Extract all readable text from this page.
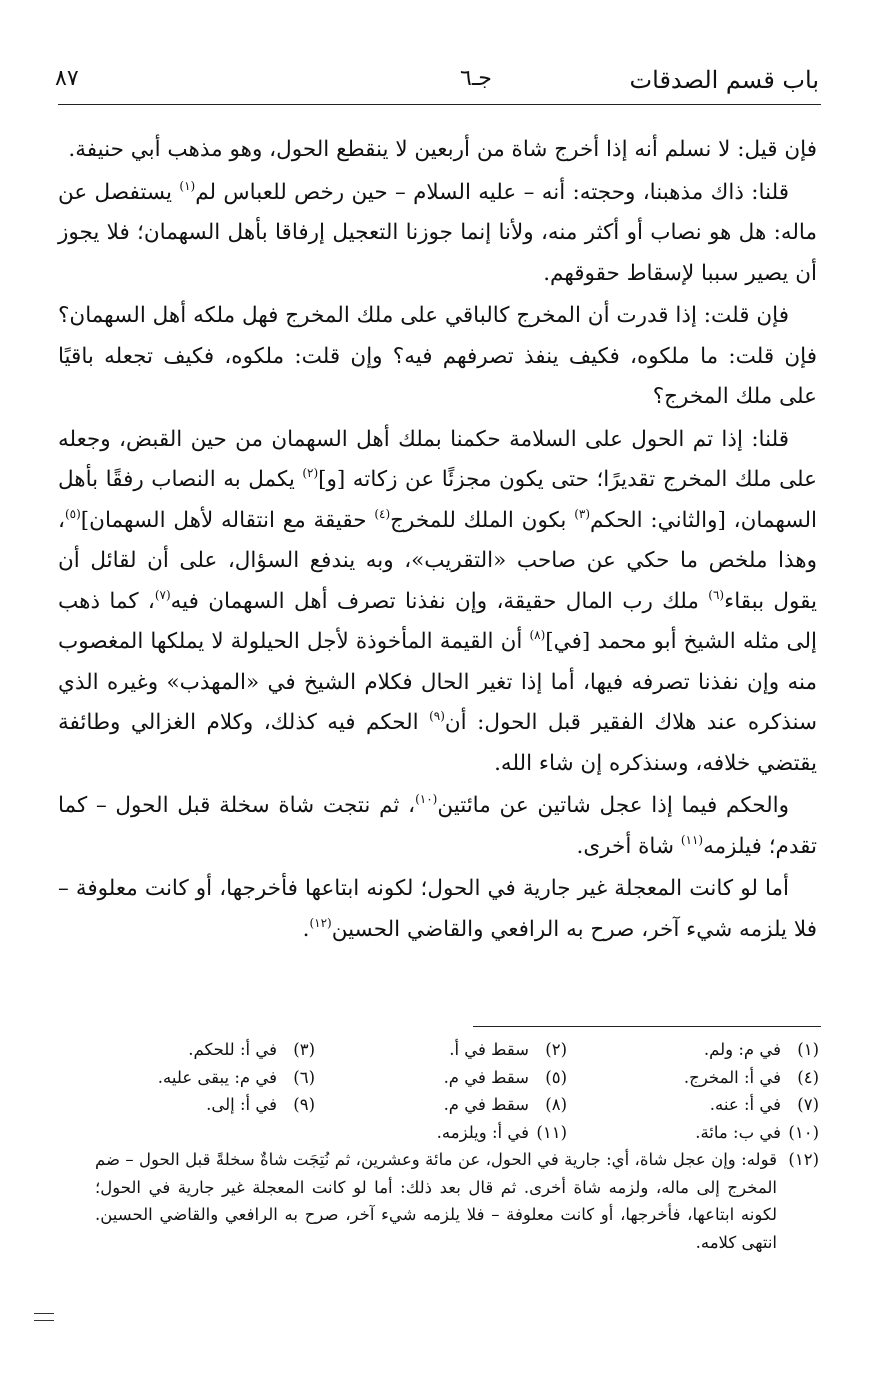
باب قسم الصدقات
جـ٦
٨٧

فإن قيل: لا نسلم أنه إذا أخرج شاة من أربعين لا ينقطع الحول، وهو مذهب أبي حنيفة.

قلنا: ذاك مذهبنا، وحجته: أنه – عليه السلام – حين رخص للعباس لم$^{(١)}$ يستفصل عن ماله: هل هو نصاب أو أكثر منه، ولأنا إنما جوزنا التعجيل إرفاقا بأهل السهمان؛ فلا يجوز أن يصير سببا لإسقاط حقوقهم.

فإن قلت: إذا قدرت أن المخرج كالباقي على ملك المخرج فهل ملكه أهل السهمان؟ فإن قلت: ما ملكوه، فكيف ينفذ تصرفهم فيه؟ وإن قلت: ملكوه، فكيف تجعله باقيًا على ملك المخرج؟

قلنا: إذا تم الحول على السلامة حكمنا بملك أهل السهمان من حين القبض، وجعله على ملك المخرج تقديرًا؛ حتى يكون مجزئًا عن زكاته [و]$^{(٢)}$ يكمل به النصاب رفقًا بأهل السهمان، [والثاني: الحكم$^{(٣)}$ بكون الملك للمخرج$^{(٤)}$ حقيقة مع انتقاله لأهل السهمان]$^{(٥)}$، وهذا ملخص ما حكي عن صاحب «التقريب»، وبه يندفع السؤال، على أن لقائل أن يقول ببقاء$^{(٦)}$ ملك رب المال حقيقة، وإن نفذنا تصرف أهل السهمان فيه$^{(٧)}$، كما ذهب إلى مثله الشيخ أبو محمد [في]$^{(٨)}$ أن القيمة المأخوذة لأجل الحيلولة لا يملكها المغصوب منه وإن نفذنا تصرفه فيها، أما إذا تغير الحال فكلام الشيخ في «المهذب» وغيره الذي سنذكره عند هلاك الفقير قبل الحول: أن$^{(٩)}$ الحكم فيه كذلك، وكلام الغزالي وطائفة يقتضي خلافه، وسنذكره إن شاء الله.

والحكم فيما إذا عجل شاتين عن مائتين$^{(١٠)}$، ثم نتجت شاة سخلة قبل الحول – كما تقدم؛ فيلزمه$^{(١١)}$ شاة أخرى.

أما لو كانت المعجلة غير جارية في الحول؛ لكونه ابتاعها فأخرجها، أو كانت معلوفة – فلا يلزمه شيء آخر، صرح به الرافعي والقاضي الحسين$^{(١٢)}$.

(١)في م: ولم.
(٢)سقط في أ.
(٣)في أ: للحكم.
(٤)في أ: المخرج.
(٥)سقط في م.
(٦)في م: يبقى عليه.
(٧)في أ: عنه.
(٨)سقط في م.
(٩)في أ: إلى.
(١٠)في ب: مائة.
(١١)في أ: ويلزمه.
(١٢)
قوله: وإن عجل شاة، أي: جارية في الحول، عن مائة وعشرين، ثم نُتِجَت شاةٌ سخلةً قبل الحول – ضم المخرج إلى ماله، ولزمه شاة أخرى. ثم قال بعد ذلك: أما لو كانت المعجلة غير جارية في الحول؛ لكونه ابتاعها، فأخرجها، أو كانت معلوفة – فلا يلزمه شيء آخر، صرح به الرافعي والقاضي الحسين. انتهى كلامه.
